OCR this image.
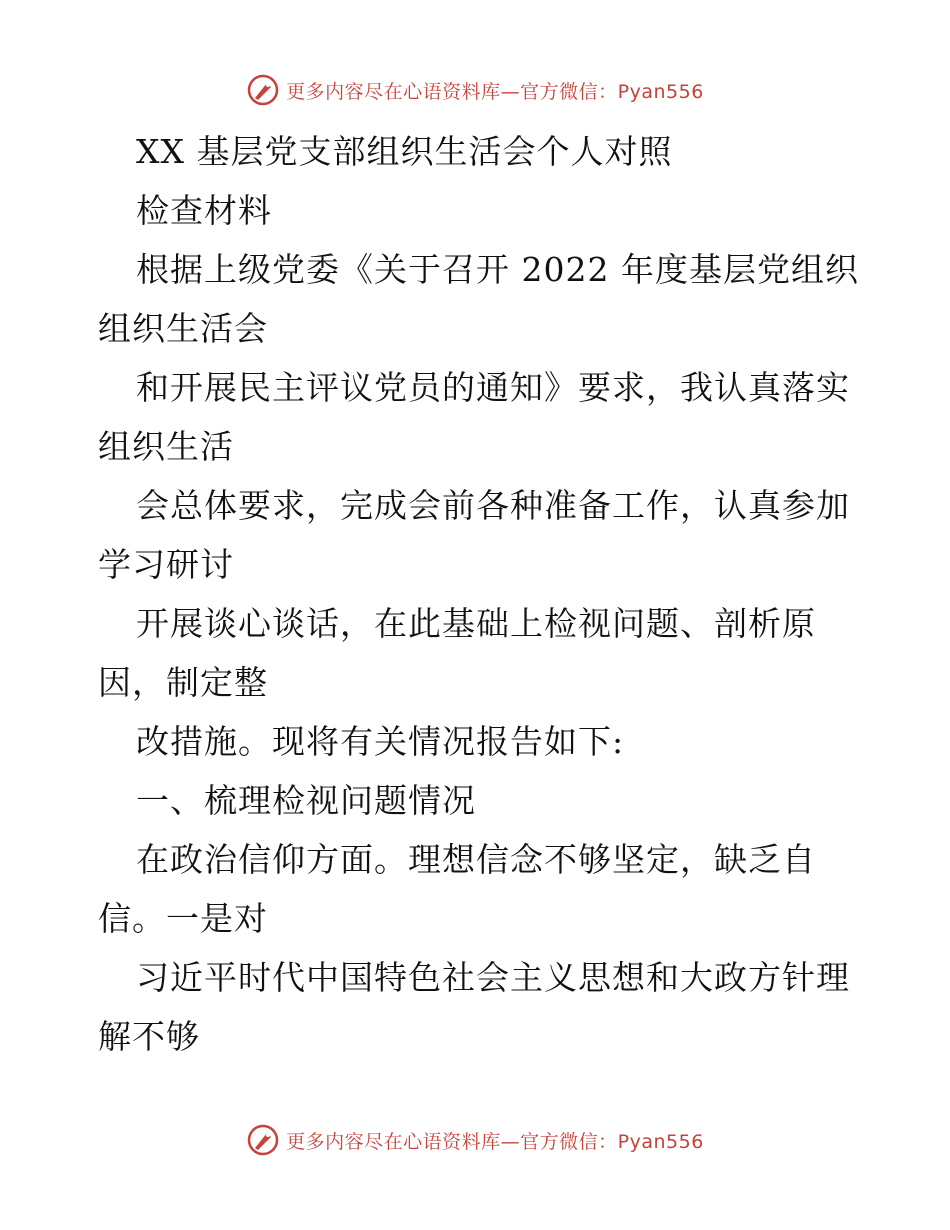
更多内容尽在心语资料库—官方微信：Pyan556
XX 基层党支部组织生活会个人对照
检查材料
根据上级党委《关于召开 2022 年度基层党组织
组织生活会
和开展民主评议党员的通知》要求，我认真落实
组织生活
会总体要求，完成会前各种准备工作，认真参加
学习研讨
开展谈心谈话，在此基础上检视问题、剖析原
因，制定整
改措施。现将有关情况报告如下:
一、梳理检视问题情况
在政治信仰方面。理想信念不够坚定，缺乏自
信。一是对
习近平时代中国特色社会主义思想和大政方针理
解不够
更多内容尽在心语资料库—官方微信：Pyan556
